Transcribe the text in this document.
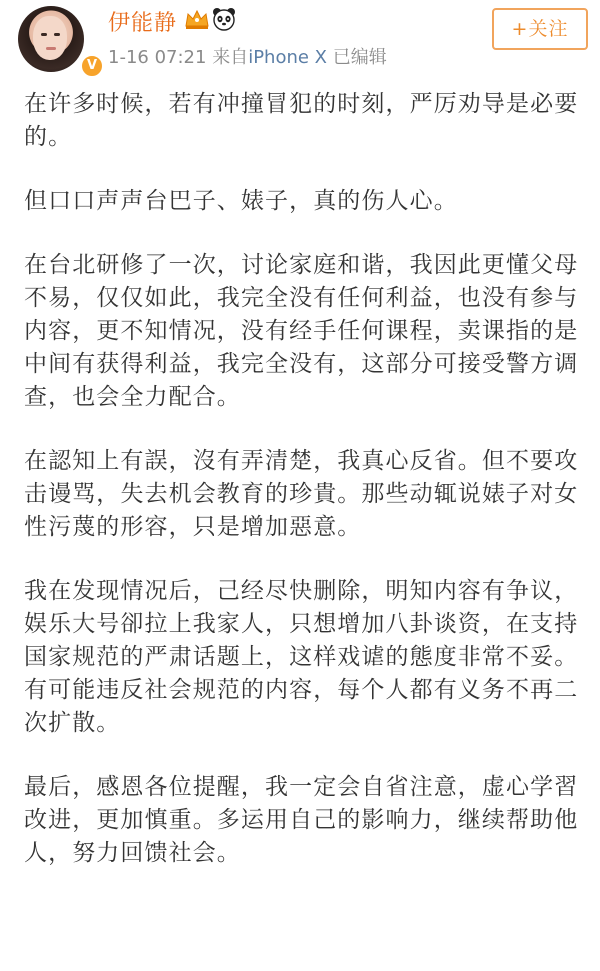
V
伊能静
1-16 07:21 来自iPhone X 已编辑
+关注

在许多时候，若有冲撞冒犯的时刻，严厉劝导是必要的。

但口口声声台巴子、婊子，真的伤人心。

在台北研修了一次，讨论家庭和谐，我因此更懂父母不易，仅仅如此，我完全没有任何利益，也没有参与内容，更不知情况，没有经手任何课程，卖课指的是中间有获得利益，我完全没有，这部分可接受警方调查，也会全力配合。

在認知上有誤，沒有弄清楚，我真心反省。但不要攻击谩骂，失去机会教育的珍貴。那些动辄说婊子对女性污蔑的形容，只是增加惡意。

我在发现情况后，己经尽快删除，明知内容有争议，娱乐大号卻拉上我家人，只想增加八卦谈资，在支持国家规范的严肃话题上，这样戏谑的態度非常不妥。有可能违反社会规范的内容，每个人都有义务不再二次扩散。

最后，感恩各位提醒，我一定会自省注意，虚心学習改进，更加慎重。多运用自己的影响力，继续帮助他人，努力回馈社会。
